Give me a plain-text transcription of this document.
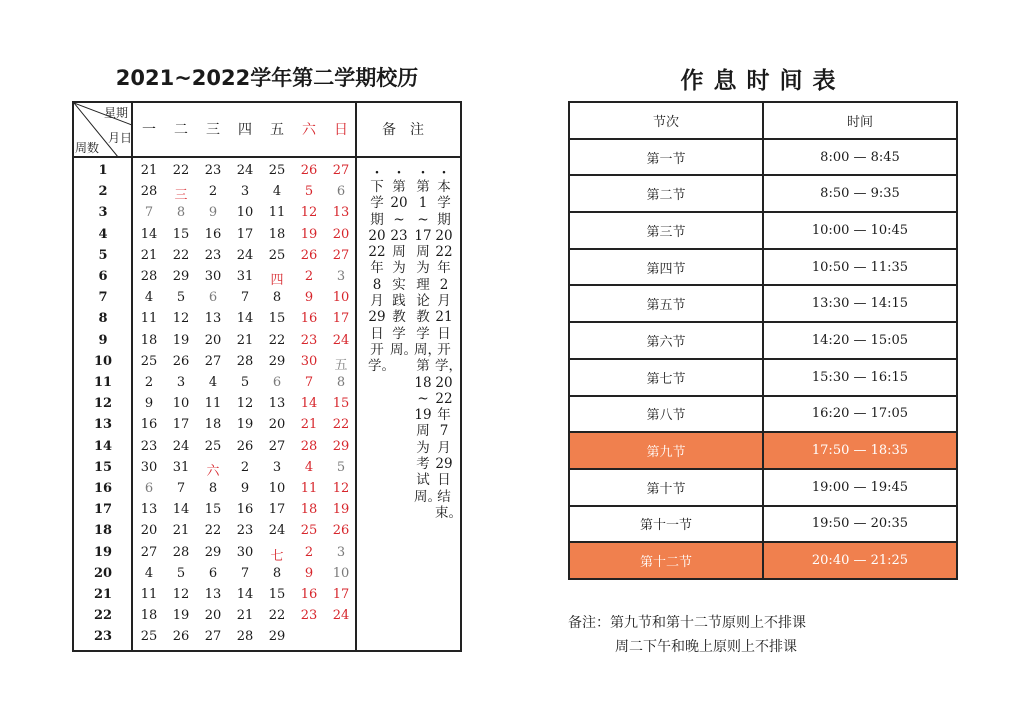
2021~2022学年第二学期校历	作息时间表
星期
月日
周数
一	二	三	四	五	六	日	备注
1	21	22	23	24	25	26	27
2	28	三	2	3	4	5	6
3	7	8	9	10	11	12	13
4	14	15	16	17	18	19	20
5	21	22	23	24	25	26	27
6	28	29	30	31	四	2	3
7	4	5	6	7	8	9	10
8	11	12	13	14	15	16	17
9	18	19	20	21	22	23	24
10	25	26	27	28	29	30	五
11	2	3	4	5	6	7	8
12	9	10	11	12	13	14	15
13	16	17	18	19	20	21	22
14	23	24	25	26	27	28	29
15	30	31	六	2	3	4	5
16	6	7	8	9	10	11	12
17	13	14	15	16	17	18	19
18	20	21	22	23	24	25	26
19	27	28	29	30	七	2	3
20	4	5	6	7	8	9	10
21	11	12	13	14	15	16	17
22	18	19	20	21	22	23	24
23	25	26	27	28	29
·
本学期2022年2月21日开学，2022年7月29日结束。
·
第1~17周为理论教学周，第18~19周为考试周。
·
第20~23周为实践教学周。
·
下学期2022年8月29日开学。
节次	时间
第一节	8:00 — 8:45
第二节	8:50 — 9:35
第三节	10:00 — 10:45
第四节	10:50 — 11:35
第五节	13:30 — 14:15
第六节	14:20 — 15:05
第七节	15:30 — 16:15
第八节	16:20 — 17:05
第九节	17:50 — 18:35
第十节	19:00 — 19:45
第十一节	19:50 — 20:35
第十二节	20:40 — 21:25
备注：第九节和第十二节原则上不排课
周二下午和晚上原则上不排课
